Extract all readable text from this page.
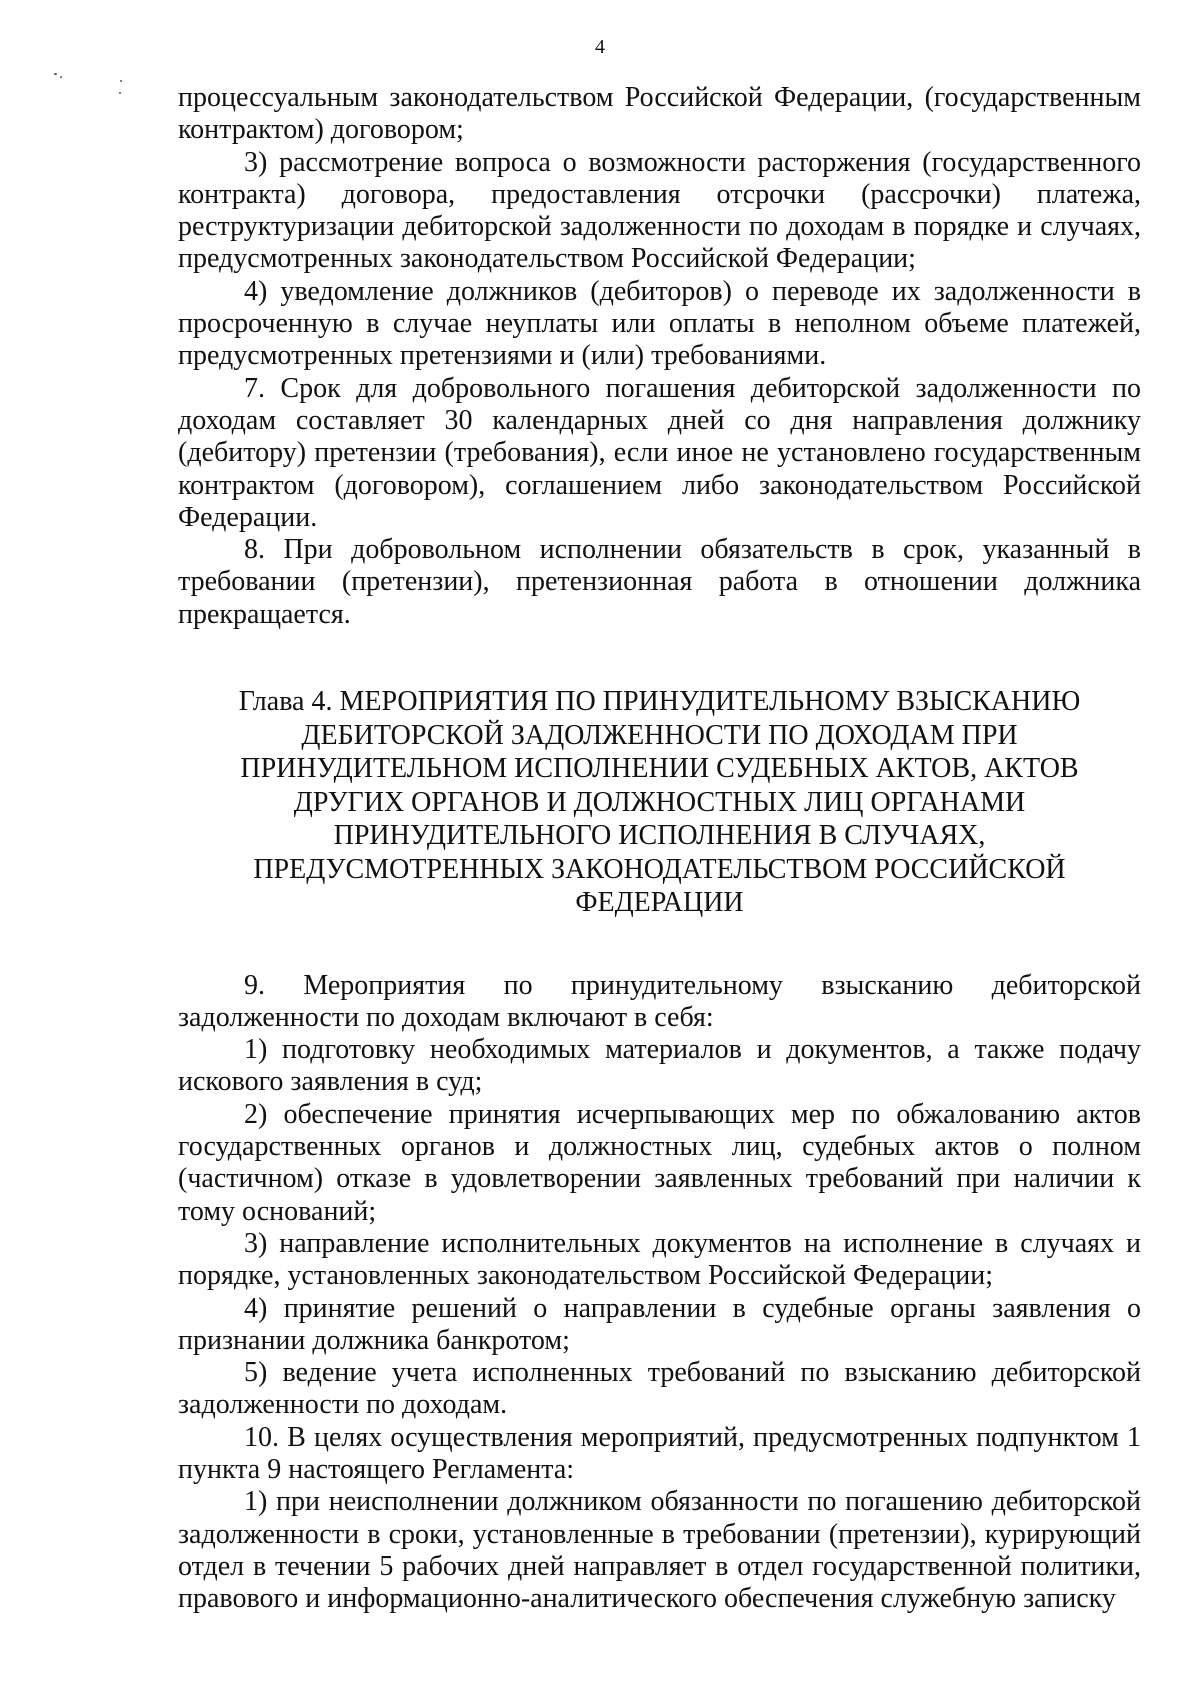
4

процессуальным законодательством Российской Федерации, (государственным контрактом) договором;

3) рассмотрение вопроса о возможности расторжения (государственного контракта) договора, предоставления отсрочки (рассрочки) платежа, реструктуризации дебиторской задолженности по доходам в порядке и случаях, предусмотренных законодательством Российской Федерации;

4) уведомление должников (дебиторов) о переводе их задолженности в просроченную в случае неуплаты или оплаты в неполном объеме платежей, предусмотренных претензиями и (или) требованиями.

7. Срок для добровольного погашения дебиторской задолженности по доходам составляет 30 календарных дней со дня направления должнику (дебитору) претензии (требования), если иное не установлено государственным контрактом (договором), соглашением либо законодательством Российской Федерации.

8. При добровольном исполнении обязательств в срок, указанный в требовании (претензии), претензионная работа в отношении должника прекращается.

Глава 4. МЕРОПРИЯТИЯ ПО ПРИНУДИТЕЛЬНОМУ ВЗЫСКАНИЮ
ДЕБИТОРСКОЙ ЗАДОЛЖЕННОСТИ ПО ДОХОДАМ ПРИ
ПРИНУДИТЕЛЬНОМ ИСПОЛНЕНИИ СУДЕБНЫХ АКТОВ, АКТОВ
ДРУГИХ ОРГАНОВ И ДОЛЖНОСТНЫХ ЛИЦ ОРГАНАМИ
ПРИНУДИТЕЛЬНОГО ИСПОЛНЕНИЯ В СЛУЧАЯХ,
ПРЕДУСМОТРЕННЫХ ЗАКОНОДАТЕЛЬСТВОМ РОССИЙСКОЙ
ФЕДЕРАЦИИ

9. Мероприятия по принудительному взысканию дебиторской

задолженности по доходам включают в себя:

1) подготовку необходимых материалов и документов, а также подачу искового заявления в суд;

2) обеспечение принятия исчерпывающих мер по обжалованию актов государственных органов и должностных лиц, судебных актов о полном (частичном) отказе в удовлетворении заявленных требований при наличии к тому оснований;

3) направление исполнительных документов на исполнение в случаях и порядке, установленных законодательством Российской Федерации;

4) принятие решений о направлении в судебные органы заявления о признании должника банкротом;

5) ведение учета исполненных требований по взысканию дебиторской задолженности по доходам.

10. В целях осуществления мероприятий, предусмотренных подпунктом 1 пункта 9 настоящего Регламента:

1) при неисполнении должником обязанности по погашению дебиторской задолженности в сроки, установленные в требовании (претензии), курирующий отдел в течении 5 рабочих дней направляет в отдел государственной политики, правового и информационно-аналитического обеспечения служебную записку
